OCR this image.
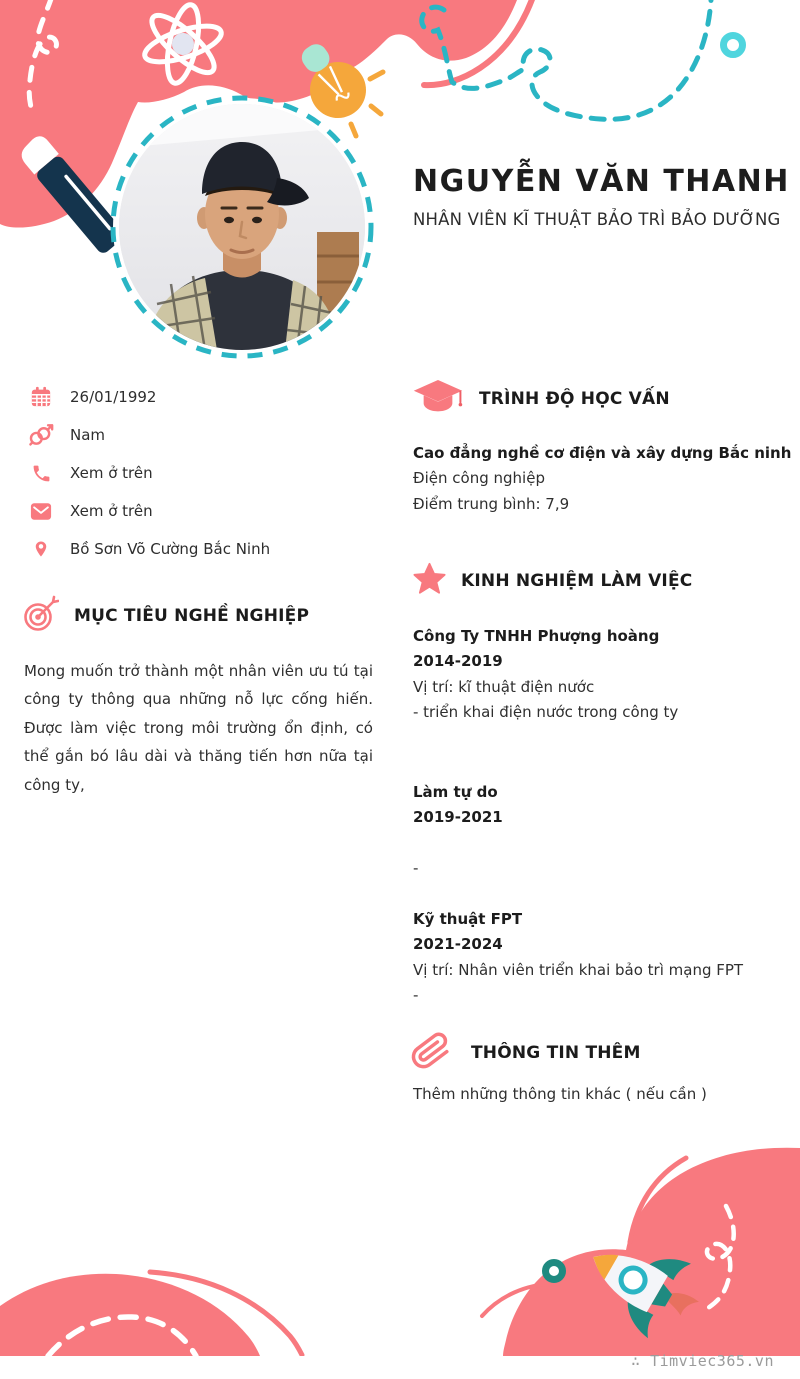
NGUYỄN VĂN THANH
NHÂN VIÊN KĨ THUẬT BẢO TRÌ BẢO DƯỠNG
26/01/1992
Nam
Xem ở trên
Xem ở trên
Bồ Sơn Võ Cường Bắc Ninh
MỤC TIÊU NGHỀ NGHIỆP

Mong muốn trở thành một nhân viên ưu tú tại công ty thông qua những nỗ lực cống hiến. Được làm việc trong môi trường ổn định, có thể gắn bó lâu dài và thăng tiến hơn nữa tại công ty,

TRÌNH ĐỘ HỌC VẤN
Cao đẳng nghề cơ điện và xây dựng Bắc ninh
Điện công nghiệp
Điểm trung bình: 7,9
KINH NGHIỆM LÀM VIỆC
Công Ty TNHH Phượng hoàng
2014-2019
Vị trí: kĩ thuật điện nước
- triển khai điện nước trong công ty
Làm tự do
2019-2021
-
Kỹ thuật FPT
2021-2024
Vị trí: Nhân viên triển khai bảo trì mạng FPT
-
THÔNG TIN THÊM
Thêm những thông tin khác ( nếu cần )
∴ Timviec365.vn
